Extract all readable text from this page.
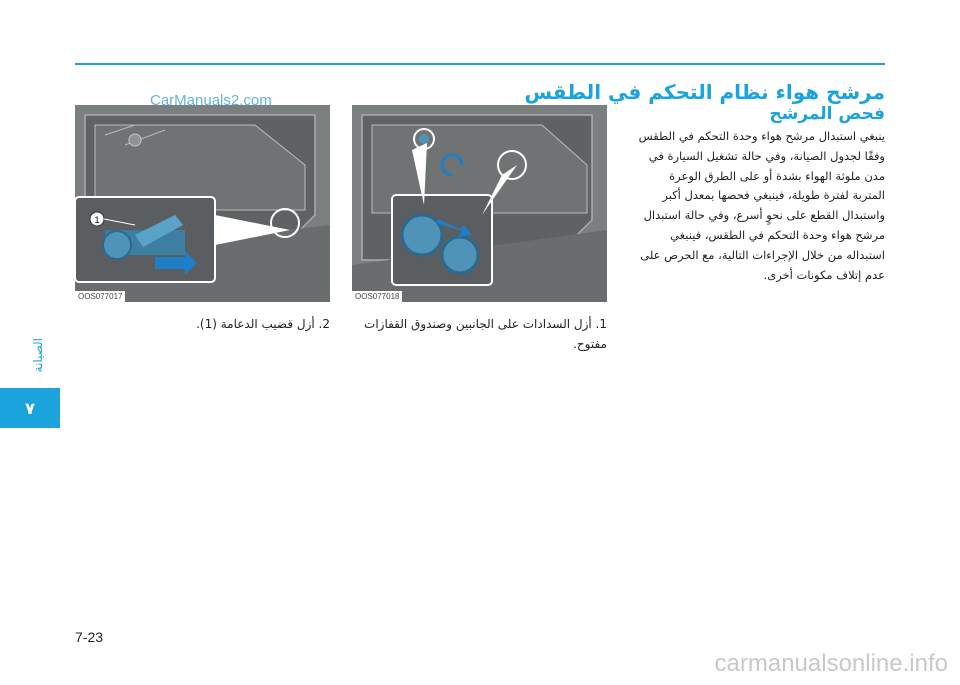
الصيانة
٧
مرشح هواء نظام التحكم في الطقس
فحص المرشح
ينبغي استبدال مرشح هواء وحدة التحكم في الطقس وفقًا لجدول الصيانة، وفي حالة تشغيل السيارة في مدن ملوثة الهواء بشدة أو على الطرق الوعرة المتربة لفترة طويلة، فينبغي فحصها بمعدل أكبر واستبدال القطع على نحوٍ أسرع، وفي حالة استبدال مرشح هواء وحدة التحكم في الطقس، فينبغي استبداله من خلال الإجراءات التالية، مع الحرص على عدم إتلاف مكونات أخرى.
1
OOS077017	OOS077018
CarManuals2.com
2. أزل قضيب الدعامة (1).	1. أزل السدادات على الجانبين وصندوق القفازات مفتوح.
7-23
carmanualsonline.info
